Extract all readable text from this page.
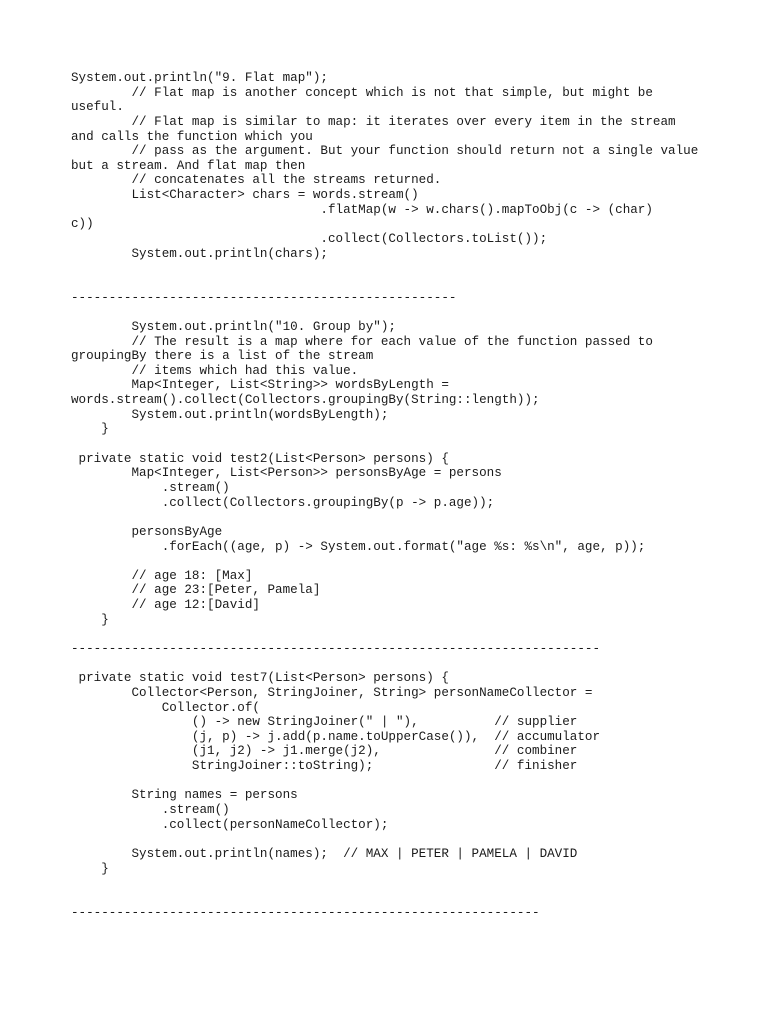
System.out.println("9. Flat map");
// Flat map is another concept which is not that simple, but might be
useful.
// Flat map is similar to map: it iterates over every item in the stream
and calls the function which you
// pass as the argument. But your function should return not a single value
but a stream. And flat map then
// concatenates all the streams returned.
List<Character> chars = words.stream()
.flatMap(w -> w.chars().mapToObj(c -> (char)
c))
.collect(Collectors.toList());
System.out.println(chars);
---------------------------------------------------
System.out.println("10. Group by");
// The result is a map where for each value of the function passed to
groupingBy there is a list of the stream
// items which had this value.
Map<Integer, List<String>> wordsByLength =
words.stream().collect(Collectors.groupingBy(String::length));
System.out.println(wordsByLength);
}
private static void test2(List<Person> persons) {
Map<Integer, List<Person>> personsByAge = persons
.stream()
.collect(Collectors.groupingBy(p -> p.age));
personsByAge
.forEach((age, p) -> System.out.format("age %s: %s\n", age, p));
// age 18: [Max]
// age 23:[Peter, Pamela]
// age 12:[David]
}
----------------------------------------------------------------------
private static void test7(List<Person> persons) {
Collector<Person, StringJoiner, String> personNameCollector =
Collector.of(
() -> new StringJoiner(" | "),          // supplier
(j, p) -> j.add(p.name.toUpperCase()),  // accumulator
(j1, j2) -> j1.merge(j2),               // combiner
StringJoiner::toString);                // finisher
String names = persons
.stream()
.collect(personNameCollector);
System.out.println(names);  // MAX | PETER | PAMELA | DAVID
}
--------------------------------------------------------------
